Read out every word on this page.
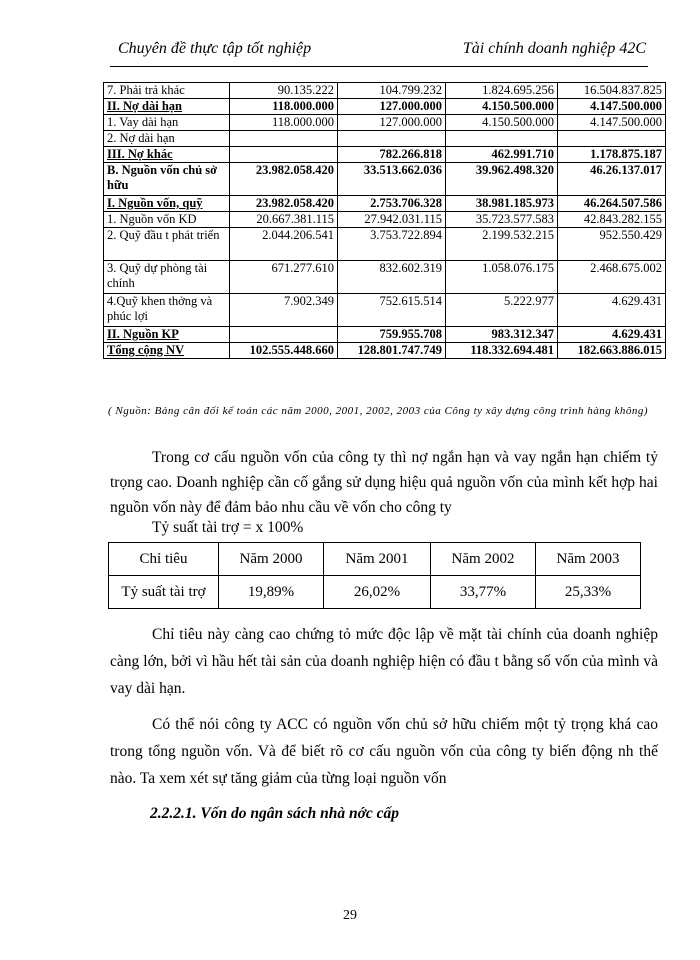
Chuyên đề thực tập tốt nghiệp	Tài chính doanh nghiệp 42C
7. Phải trả khác	90.135.222	104.799.232	1.824.695.256	16.504.837.825
II. Nợ dài hạn	118.000.000	127.000.000	4.150.500.000	4.147.500.000
1. Vay dài hạn	118.000.000	127.000.000	4.150.500.000	4.147.500.000
2. Nợ dài hạn				
III. Nợ khác		782.266.818	462.991.710	1.178.875.187
B. Nguồn vốn chủ sở hữu	23.982.058.420	33.513.662.036	39.962.498.320	46.26.137.017
I. Nguồn vốn, quỹ	23.982.058.420	2.753.706.328	38.981.185.973	46.264.507.586
1. Nguồn vốn KD	20.667.381.115	27.942.031.115	35.723.577.583	42.843.282.155
2. Quỹ đầu t phát triển	2.044.206.541	3.753.722.894	2.199.532.215	952.550.429
3. Quỹ dự phòng tài chính	671.277.610	832.602.319	1.058.076.175	2.468.675.002
4.Quỹ khen thởng và phúc lợi	7.902.349	752.615.514	5.222.977	4.629.431
II. Nguồn KP		759.955.708	983.312.347	4.629.431
Tổng cộng NV	102.555.448.660	128.801.747.749	118.332.694.481	182.663.886.015
( Nguồn: Bảng cân đối kế toán các năm 2000, 2001, 2002, 2003 của Công ty xây dựng công trình hàng không)

Trong cơ cấu nguồn vốn của công ty thì nợ ngắn hạn và vay ngắn hạn chiếm tỷ trọng cao. Doanh nghiệp cần cố gắng sử dụng hiệu quả nguồn vốn của mình kết hợp hai nguồn vốn này để đảm bảo nhu cầu về vốn cho công ty

Tỷ suất tài trợ = x 100%
Chỉ tiêu	Năm 2000	Năm 2001	Năm 2002	Năm 2003
Tỷ suất tài trợ	19,89%	26,02%	33,77%	25,33%

Chỉ tiêu này càng cao chứng tỏ mức độc lập về mặt tài chính của doanh nghiệp càng lớn, bởi vì hầu hết tài sản của doanh nghiệp hiện có đầu t bằng số vốn của mình và vay dài hạn.

Có thể nói công ty ACC có nguồn vốn chủ sở hữu chiếm một tỷ trọng khá cao trong tổng nguồn vốn. Và để biết rõ cơ cấu nguồn vốn của công ty biến động nh thế nào. Ta xem xét sự tăng giảm của từng loại nguồn vốn

2.2.2.1. Vốn do ngân sách nhà nớc cấp
29
